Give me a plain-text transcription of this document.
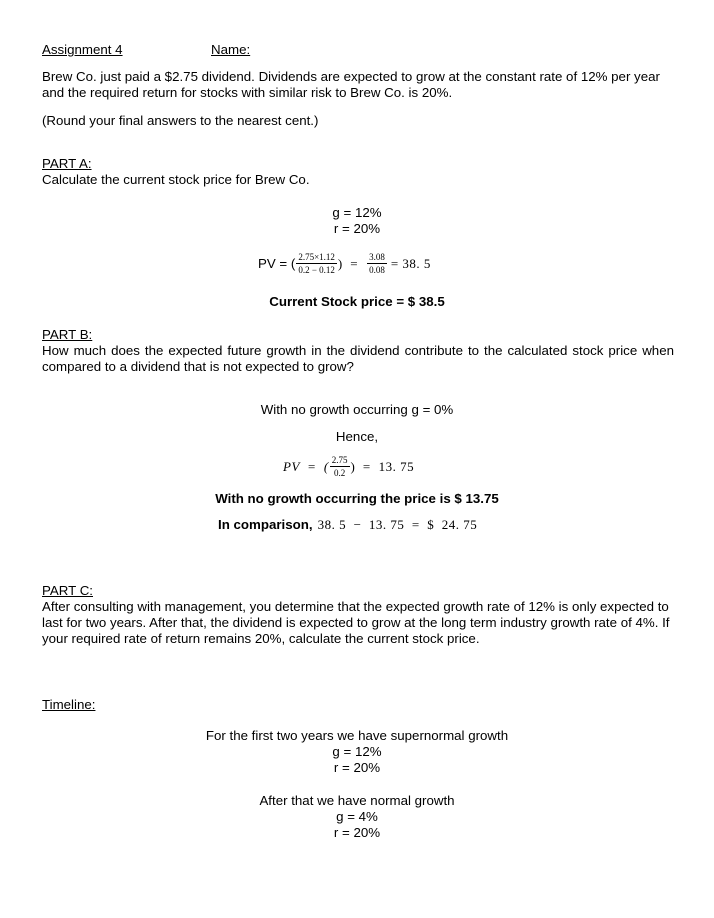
Assignment 4	Name:
Brew Co. just paid a $2.75 dividend. Dividends are expected to grow at the constant rate of 12% per year and the required return for stocks with similar risk to Brew Co. is 20%.
(Round your final answers to the nearest cent.)
PART A:
Calculate the current stock price for Brew Co.
g = 12%
r = 20%
PV = ( $\frac{2.75\times 1.12}{0.2 - 0.12}$ )  = $\frac{3.08}{0.08} = 38$. 5
Current Stock price = $ 38.5
PART B:
How much does the expected future growth in the dividend contribute to the calculated stock price when compared to a dividend that is not expected to grow?
With no growth occurring g = 0%
Hence,
PV  =  ( $\frac{2.75}{0.2}$ )  = 13. 75
With no growth occurring the price is $ 13.75
In comparison, 38. 5  −  13. 75  =  $  24. 75
PART C:
After consulting with management, you determine that the expected growth rate of 12% is only expected to last for two years. After that, the dividend is expected to grow at the long term industry growth rate of 4%. If your required rate of return remains 20%, calculate the current stock price.
Timeline:
For the first two years we have supernormal growth
g = 12%
r = 20%
After that we have normal growth
g = 4%
r = 20%
